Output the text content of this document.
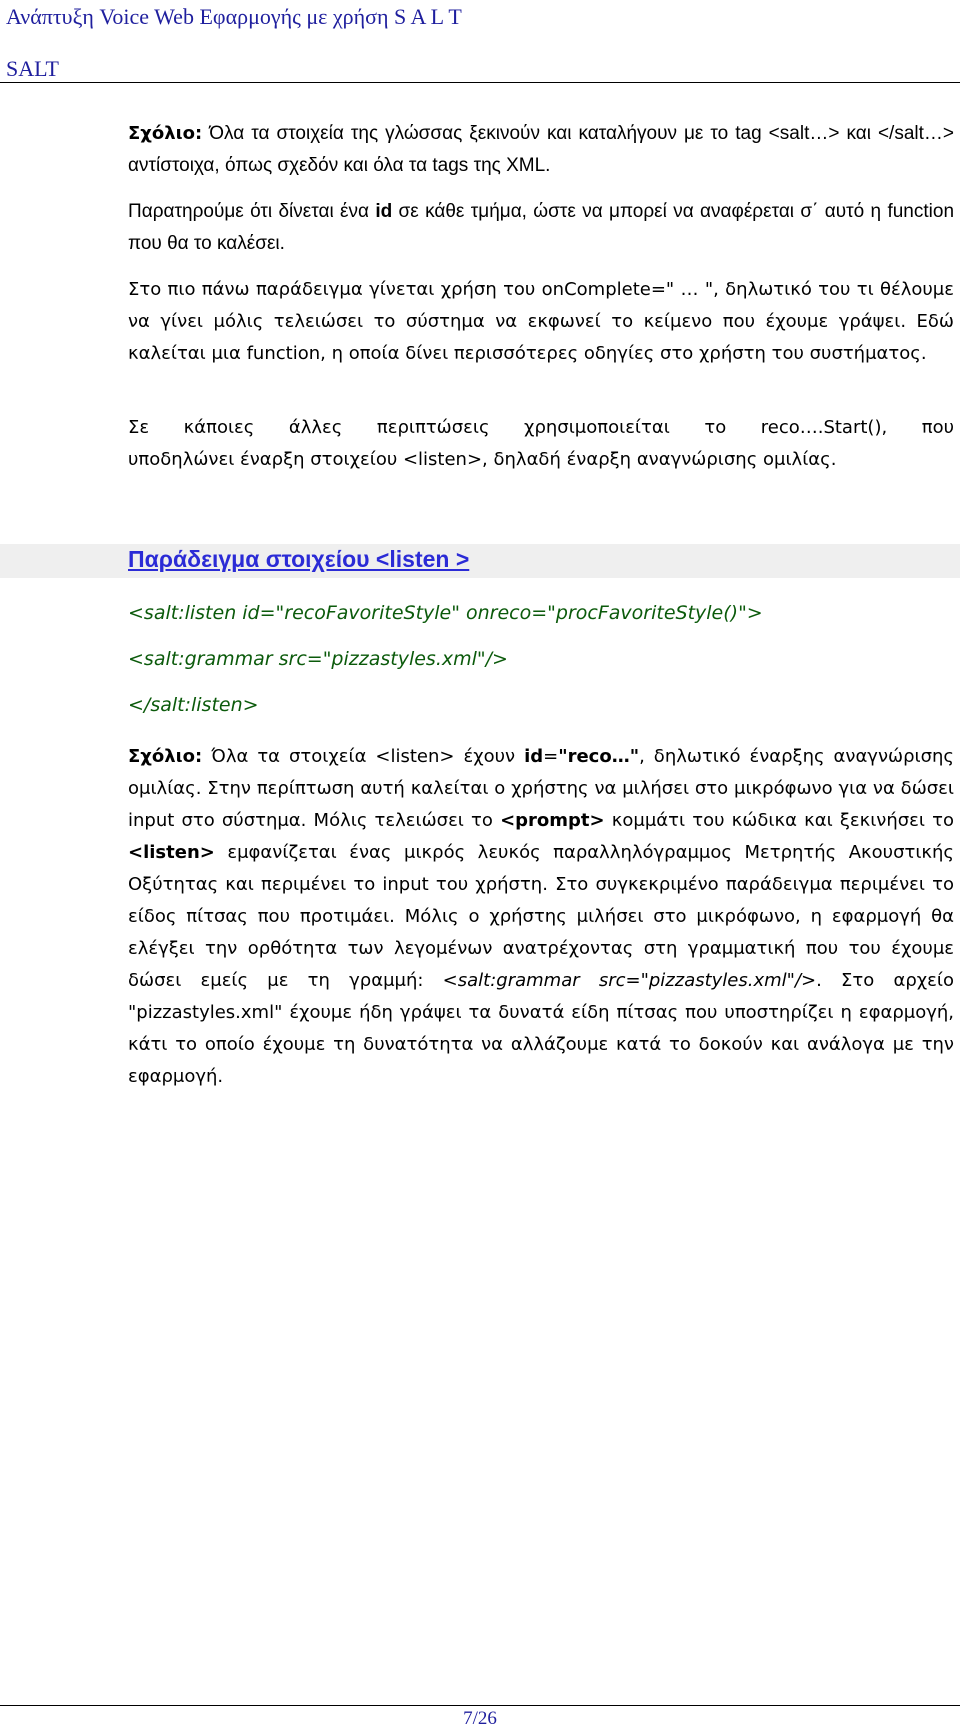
Ανάπτυξη Voice Web Εφαρμογής με χρήση S A L T
SALT

Σχόλιο: Όλα τα στοιχεία της γλώσσας ξεκινούν και καταλήγουν με το tag <salt…> και </salt…> αντίστοιχα, όπως σχεδόν και όλα τα tags της XML.

Παρατηρούμε ότι δίνεται ένα id σε κάθε τμήμα, ώστε να μπορεί να αναφέρεται σ΄ αυτό η function που θα το καλέσει.

Στο πιο πάνω παράδειγμα γίνεται χρήση του onComplete=" … ", δηλωτικό του τι θέλουμε να γίνει μόλις τελειώσει το σύστημα να εκφωνεί το κείμενο που έχουμε γράψει. Εδώ καλείται μια function, η οποία δίνει περισσότερες οδηγίες στο χρήστη του συστήματος.

Σε κάποιες άλλες περιπτώσεις χρησιμοποιείται το reco….Start(), που

υποδηλώνει έναρξη στοιχείου <listen>, δηλαδή έναρξη αναγνώρισης ομιλίας.

Παράδειγμα στοιχείου <listen >
<salt:listen id="recoFavoriteStyle" onreco="procFavoriteStyle()">
<salt:grammar src="pizzastyles.xml"/>
</salt:listen>

Σχόλιο: Όλα τα στοιχεία <listen> έχουν id="reco…", δηλωτικό έναρξης αναγνώρισης ομιλίας. Στην περίπτωση αυτή καλείται ο χρήστης να μιλήσει στο μικρόφωνο για να δώσει input στο σύστημα. Μόλις τελειώσει το <prompt> κομμάτι του κώδικα και ξεκινήσει το <listen> εμφανίζεται ένας μικρός λευκός παραλληλόγραμμος Μετρητής Ακουστικής Οξύτητας και περιμένει το input του χρήστη. Στο συγκεκριμένο παράδειγμα περιμένει το είδος πίτσας που προτιμάει. Μόλις ο χρήστης μιλήσει στο μικρόφωνο, η εφαρμογή θα ελέγξει την ορθότητα των λεγομένων ανατρέχοντας στη γραμματική που του έχουμε δώσει εμείς με τη γραμμή: <salt:grammar src="pizzastyles.xml"/>. Στο αρχείο "pizzastyles.xml" έχουμε ήδη γράψει τα δυνατά είδη πίτσας που υποστηρίζει η εφαρμογή, κάτι το οποίο έχουμε τη δυνατότητα να αλλάζουμε κατά το δοκούν και ανάλογα με την εφαρμογή.

7/26
